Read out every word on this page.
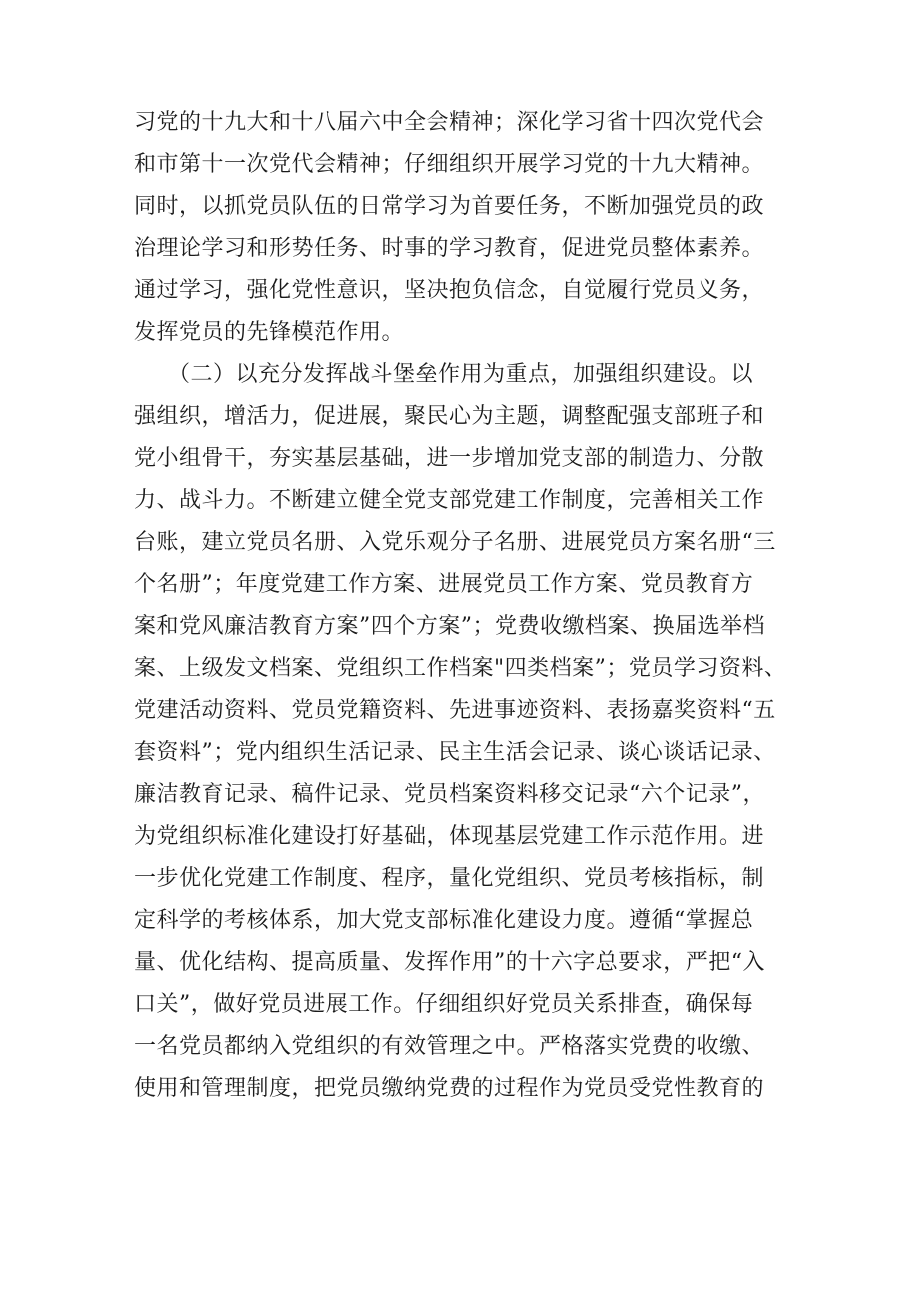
习党的十九大和十八届六中全会精神；深化学习省十四次党代会
和市第十一次党代会精神；仔细组织开展学习党的十九大精神。
同时，以抓党员队伍的日常学习为首要任务，不断加强党员的政
治理论学习和形势任务、时事的学习教育，促进党员整体素养。
通过学习，强化党性意识，坚决抱负信念，自觉履行党员义务，
发挥党员的先锋模范作用。
　　（二）以充分发挥战斗堡垒作用为重点，加强组织建设。以
强组织，增活力，促进展，聚民心为主题，调整配强支部班子和
党小组骨干，夯实基层基础，进一步增加党支部的制造力、分散
力、战斗力。不断建立健全党支部党建工作制度，完善相关工作
台账，建立党员名册、入党乐观分子名册、进展党员方案名册“三
个名册”；年度党建工作方案、进展党员工作方案、党员教育方
案和党风廉洁教育方案”四个方案”；党费收缴档案、换届选举档
案、上级发文档案、党组织工作档案"四类档案”；党员学习资料、
党建活动资料、党员党籍资料、先进事迹资料、表扬嘉奖资料“五
套资料”；党内组织生活记录、民主生活会记录、谈心谈话记录、
廉洁教育记录、稿件记录、党员档案资料移交记录“六个记录”，
为党组织标准化建设打好基础，体现基层党建工作示范作用。进
一步优化党建工作制度、程序，量化党组织、党员考核指标，制
定科学的考核体系，加大党支部标准化建设力度。遵循“掌握总
量、优化结构、提高质量、发挥作用”的十六字总要求，严把“入
口关”，做好党员进展工作。仔细组织好党员关系排查，确保每
一名党员都纳入党组织的有效管理之中。严格落实党费的收缴、
使用和管理制度，把党员缴纳党费的过程作为党员受党性教育的
